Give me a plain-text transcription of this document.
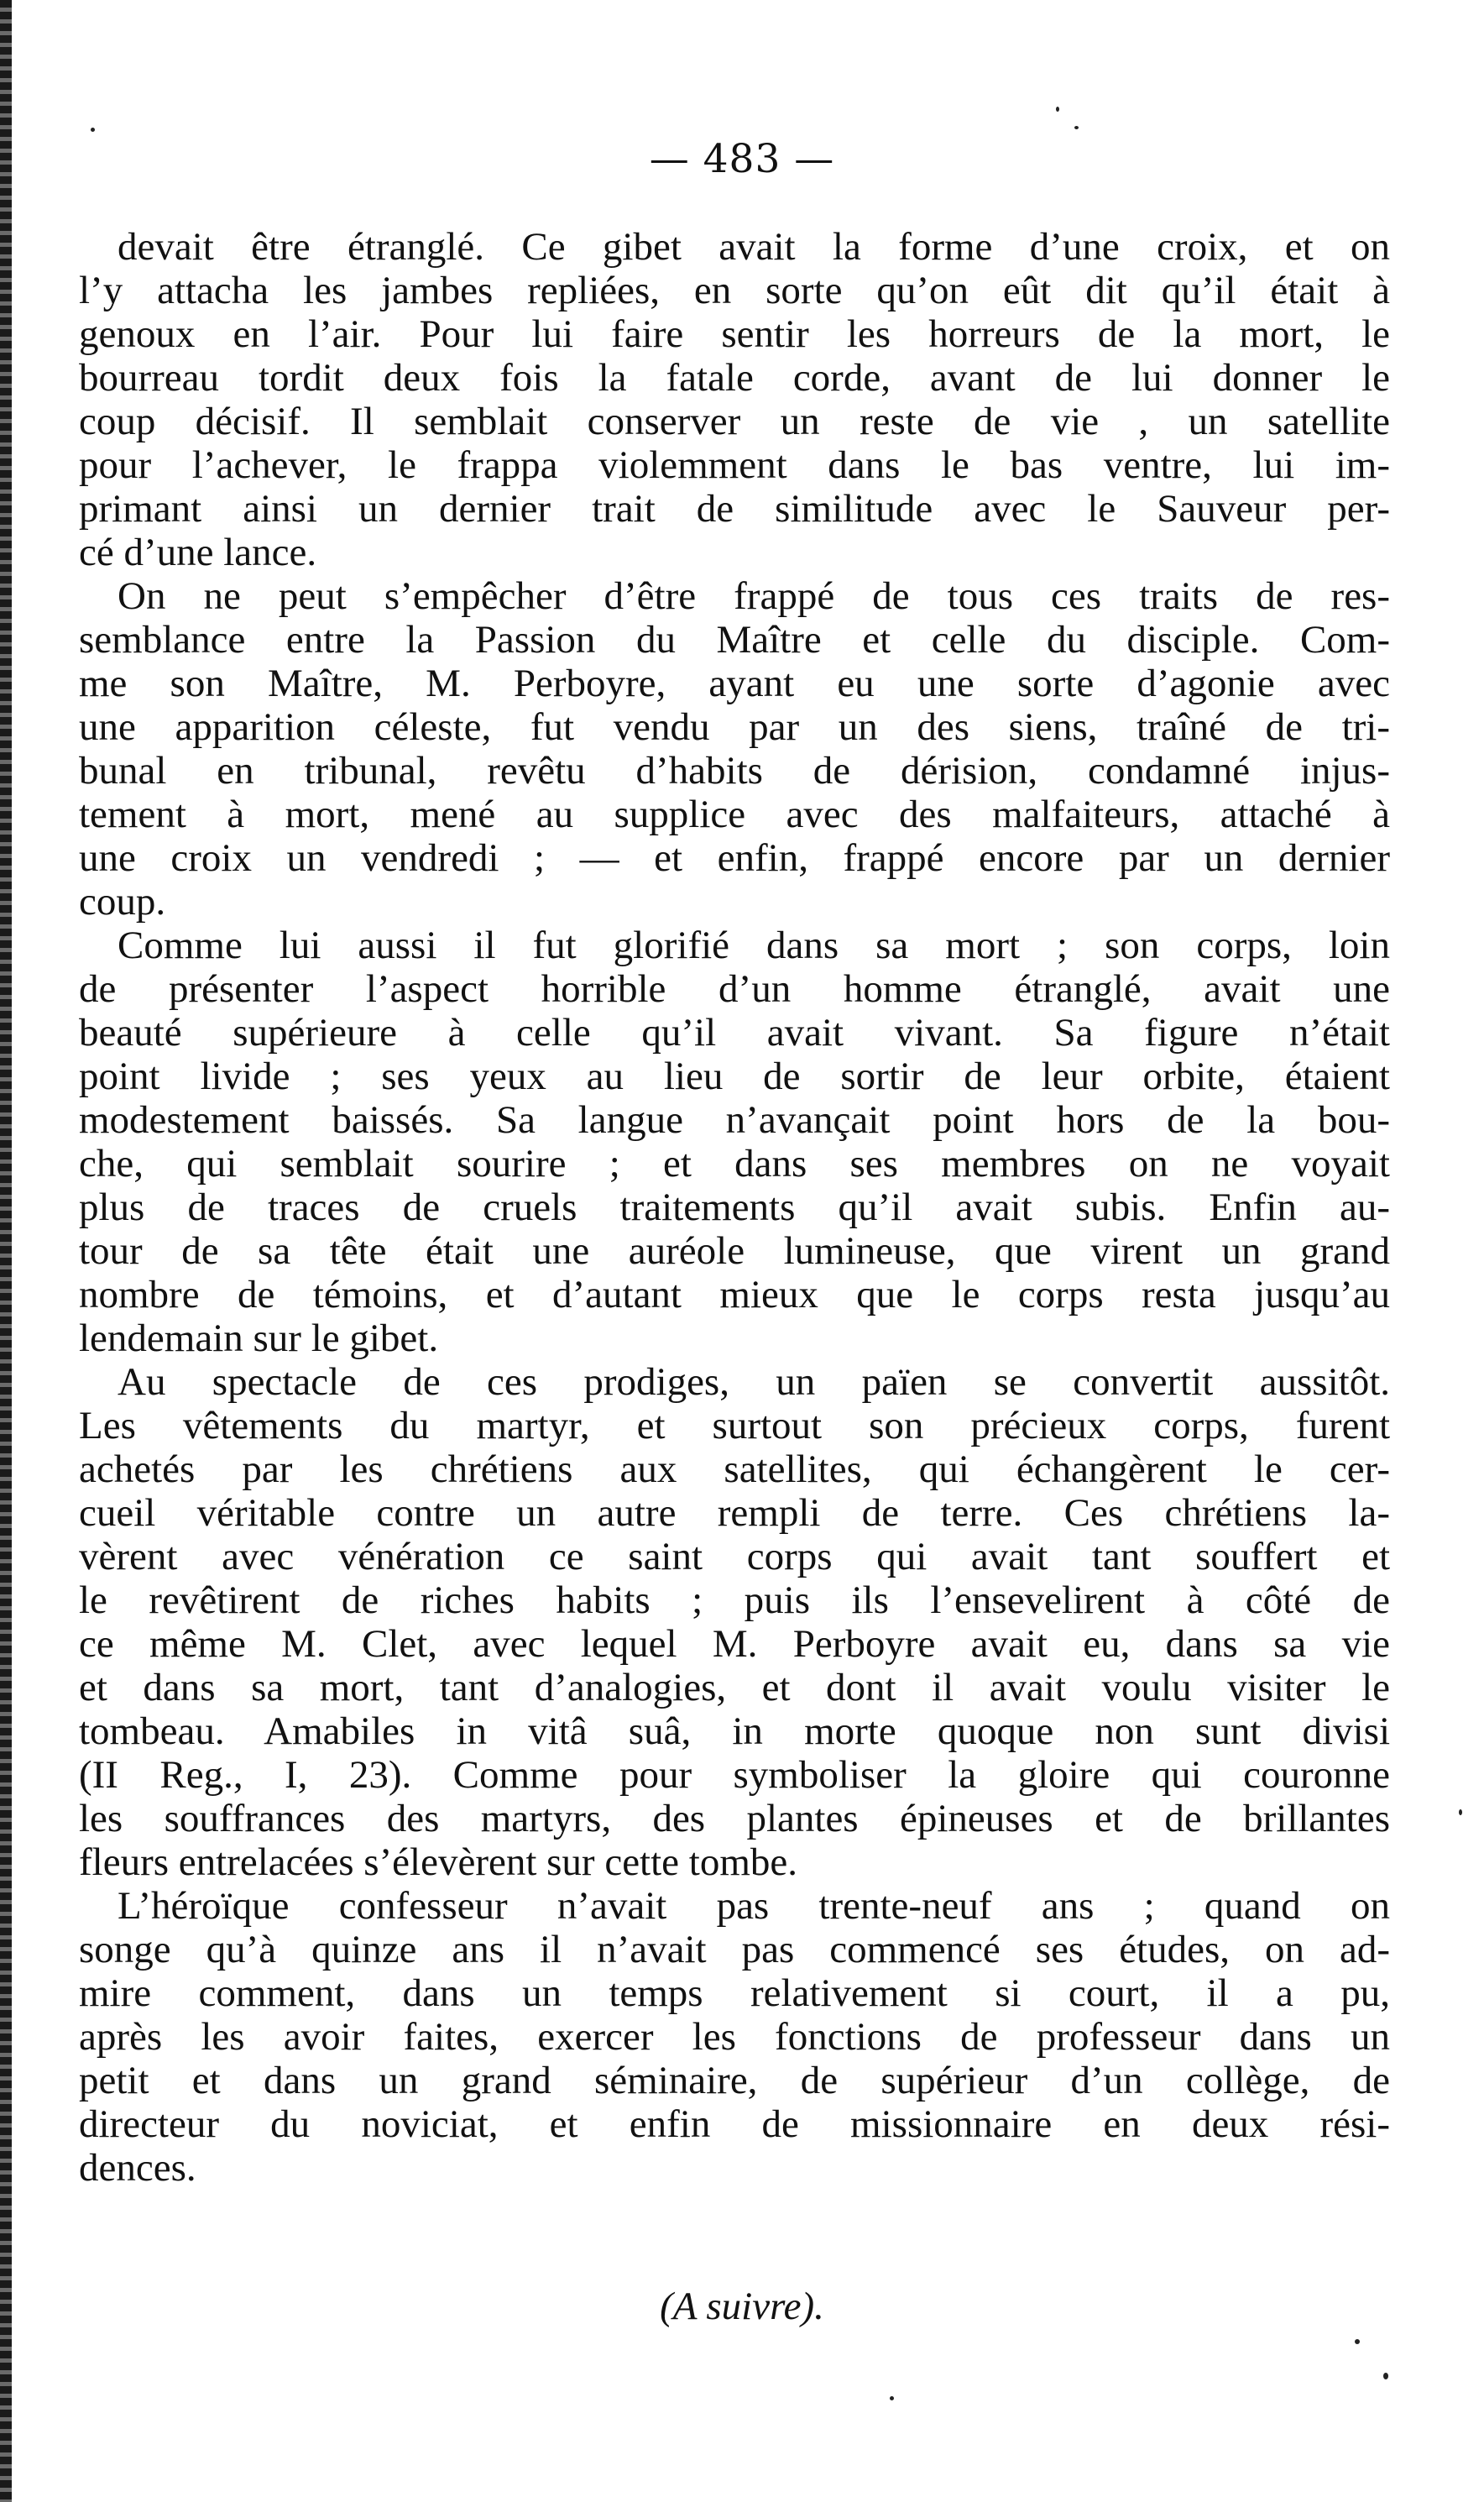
— 483 —
devait être étranglé. Ce gibet avait la forme d’une croix, et on
l’y attacha les jambes repliées, en sorte qu’on eût dit qu’il était à
genoux en l’air. Pour lui faire sentir les horreurs de la mort, le
bourreau tordit deux fois la fatale corde, avant de lui donner le
coup décisif. Il semblait conserver un reste de vie , un satellite
pour l’achever, le frappa violemment dans le bas ventre, lui im-
primant ainsi un dernier trait de similitude avec le Sauveur per-
cé d’une lance.
On ne peut s’empêcher d’être frappé de tous ces traits de res-
semblance entre la Passion du Maître et celle du disciple. Com-
me son Maître, M. Perboyre, ayant eu une sorte d’agonie avec
une apparition céleste, fut vendu par un des siens, traîné de tri-
bunal en tribunal, revêtu d’habits de dérision, condamné injus-
tement à mort, mené au supplice avec des malfaiteurs, attaché à
une croix un vendredi ; — et enfin, frappé encore par un dernier
coup.
Comme lui aussi il fut glorifié dans sa mort ; son corps, loin
de présenter l’aspect horrible d’un homme étranglé, avait une
beauté supérieure à celle qu’il avait vivant. Sa figure n’était
point livide ; ses yeux au lieu de sortir de leur orbite, étaient
modestement baissés. Sa langue n’avançait point hors de la bou-
che, qui semblait sourire ; et dans ses membres on ne voyait
plus de traces de cruels traitements qu’il avait subis. Enfin au-
tour de sa tête était une auréole lumineuse, que virent un grand
nombre de témoins, et d’autant mieux que le corps resta jusqu’au
lendemain sur le gibet.
Au spectacle de ces prodiges, un païen se convertit aussitôt.
Les vêtements du martyr, et surtout son précieux corps, furent
achetés par les chrétiens aux satellites, qui échangèrent le cer-
cueil véritable contre un autre rempli de terre. Ces chrétiens la-
vèrent avec vénération ce saint corps qui avait tant souffert et
le revêtirent de riches habits ; puis ils l’ensevelirent à côté de
ce même M. Clet, avec lequel M. Perboyre avait eu, dans sa vie
et dans sa mort, tant d’analogies, et dont il avait voulu visiter le
tombeau. Amabiles in vitâ suâ, in morte quoque non sunt divisi
(II Reg., I, 23). Comme pour symboliser la gloire qui couronne
les souffrances des martyrs, des plantes épineuses et de brillantes
fleurs entrelacées s’élevèrent sur cette tombe.
L’héroïque confesseur n’avait pas trente-neuf ans ; quand on
songe qu’à quinze ans il n’avait pas commencé ses études, on ad-
mire comment, dans un temps relativement si court, il a pu,
après les avoir faites, exercer les fonctions de professeur dans un
petit et dans un grand séminaire, de supérieur d’un collège, de
directeur du noviciat, et enfin de missionnaire en deux rési-
dences.
(A suivre).
